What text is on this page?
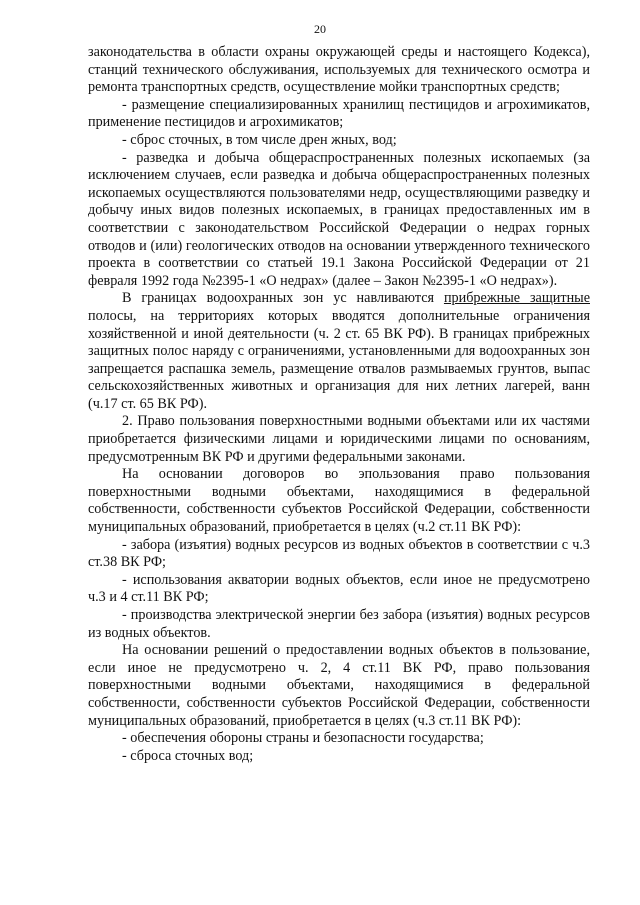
20

законодательства в области охраны окружающей среды и настоящего Кодекса), станций технического обслуживания, используемых для технического осмотра и ремонта транспортных средств, осуществление мойки транспортных средств;

- размещение специализированных хранилищ пестицидов и агрохимикатов, применение пестицидов и агрохимикатов;

- сброс сточных, в том числе дрен жных, вод;

- разведка и добыча общераспространенных полезных ископаемых (за исключением случаев, если разведка и добыча общераспространенных полезных ископаемых осуществляются пользователями недр, осуществляющими разведку и добычу иных видов полезных ископаемых, в границах предоставленных им в соответствии с законодательством Российской Федерации о недрах горных отводов и (или) геологических отводов на основании утвержденного технического проекта в соответствии со статьей 19.1 Закона Российской Федерации от 21 февраля 1992 года №2395-1 «О недрах» (далее – Закон №2395-1 «О недрах»).

В границах водоохранных зон ус навливаются прибрежные защитные полосы, на территориях которых вводятся дополнительные ограничения хозяйственной и иной деятельности (ч. 2 ст. 65 ВК РФ). В границах прибрежных защитных полос наряду с ограничениями, установленными для водоохранных зон запрещается распашка земель, размещение отвалов размываемых грунтов, выпас сельскохозяйственных животных и организация для них летних лагерей, ванн (ч.17 ст. 65 ВК РФ).

2. Право пользования поверхностными водными объектами или их частями приобретается физическими лицами и юридическими лицами по основаниям, предусмотренным ВК РФ и другими федеральными законами.

На основании договоров во эпользования право пользования поверхностными водными объектами, находящимися в федеральной собственности, собственности субъектов Российской Федерации, собственности муниципальных образований, приобретается в целях (ч.2 ст.11 ВК РФ):

- забора (изъятия) водных ресурсов из водных объектов в соответствии с ч.3 ст.38 ВК РФ;

- использования акватории водных объектов, если иное не предусмотрено ч.3 и 4 ст.11 ВК РФ;

- производства электрической энергии без забора (изъятия) водных ресурсов из водных объектов.

На основании решений о предоставлении водных объектов в пользование, если иное не предусмотрено ч. 2, 4 ст.11 ВК РФ, право пользования поверхностными водными объектами, находящимися в федеральной собственности, собственности субъектов Российской Федерации, собственности муниципальных образований, приобретается в целях (ч.3 ст.11 ВК РФ):

- обеспечения обороны страны и безопасности государства;

- сброса сточных вод;
